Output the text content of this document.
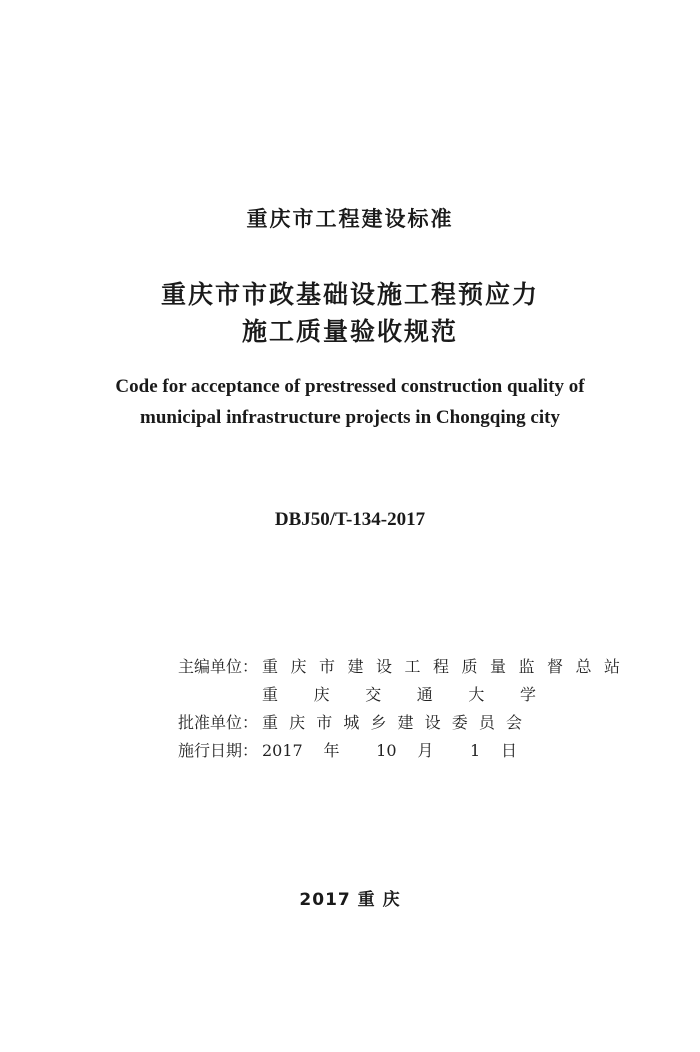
重庆市工程建设标准
重庆市市政基础设施工程预应力
施工质量验收规范
Code for acceptance of prestressed construction quality of
municipal infrastructure projects in Chongqing city
DBJ50/T-134-2017
主编单位： 重庆市建设工程质量监督总站
重 庆 交 通 大 学
批准单位： 重庆市城乡建设委员会
施行日期： 2017 年 10 月 1 日
2017 重 庆
